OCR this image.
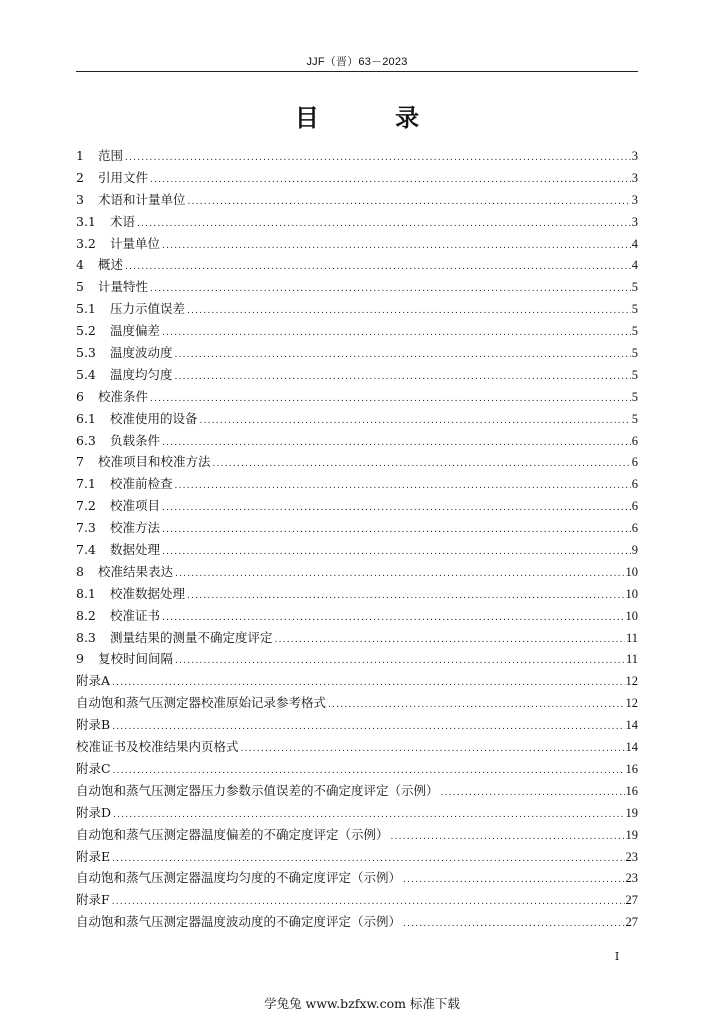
JJF（晋）63－2023
目 录
1	范围 .....	3
2	引用文件 .....	3
3	术语和计量单位 .....	3
3.1	术语 .....	3
3.2	计量单位 .....	4
4	概述 .....	4
5	计量特性 .....	5
5.1	压力示值误差 .....	5
5.2	温度偏差 .....	5
5.3	温度波动度 .....	5
5.4	温度均匀度 .....	5
6	校准条件 .....	5
6.1	校准使用的设备 .....	5
6.3	负载条件 .....	6
7	校准项目和校准方法 .....	6
7.1	校准前检查 .....	6
7.2	校准项目 .....	6
7.3	校准方法 .....	6
7.4	数据处理 .....	9
8	校准结果表达 .....	10
8.1	校准数据处理 .....	10
8.2	校准证书 .....	10
8.3	测量结果的测量不确定度评定 .....	11
9	复校时间间隔 .....	11
附录A .....	12
自动饱和蒸气压测定器校准原始记录参考格式 .....	12
附录B .....	14
校准证书及校准结果内页格式 .....	14
附录C .....	16
自动饱和蒸气压测定器压力参数示值误差的不确定度评定（示例） .....	16
附录D .....	19
自动饱和蒸气压测定器温度偏差的不确定度评定（示例） .....	19
附录E .....	23
自动饱和蒸气压测定器温度均匀度的不确定度评定（示例） .....	23
附录F .....	27
自动饱和蒸气压测定器温度波动度的不确定度评定（示例） .....	27
I
学兔兔 www.bzfxw.com 标准下载
